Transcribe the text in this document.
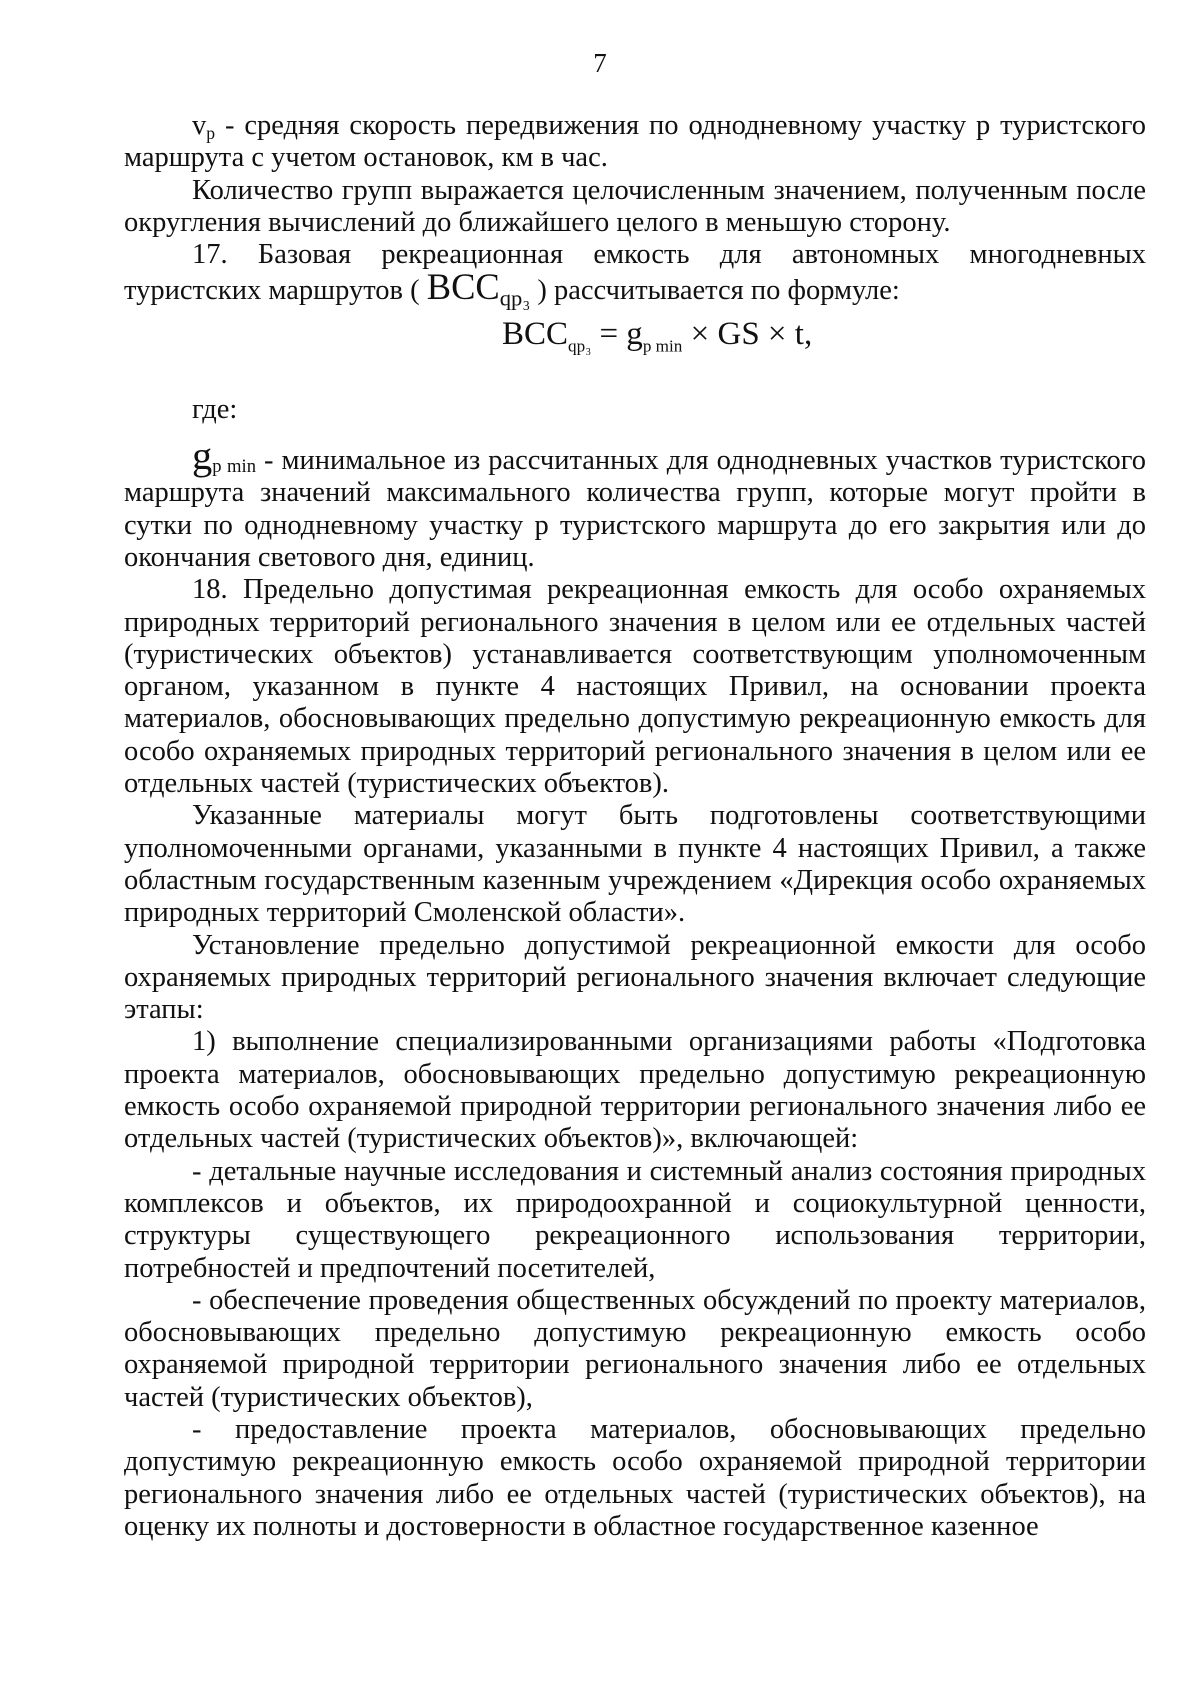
7

$v_p$ - средняя скорость передвижения по однодневному участку р туристского маршрута с учетом остановок, км в час.

Количество групп выражается целочисленным значением, полученным после округления вычислений до ближайшего целого в меньшую сторону.

17. Базовая рекреационная емкость для автономных многодневных туристских маршрутов ( $BCC_{qр_3}$ ) рассчитывается по формуле:

$BCC_{qр_3} = g_{p min}$ × GS × t,

где:

$g_{p min}$ - минимальное из рассчитанных для однодневных участков туристского маршрута значений максимального количества групп, которые могут пройти в сутки по однодневному участку р туристского маршрута до его закрытия или до окончания светового дня, единиц.

18. Предельно допустимая рекреационная емкость для особо охраняемых природных территорий регионального значения в целом или ее отдельных частей (туристических объектов) устанавливается соответствующим уполномоченным органом, указанном в пункте 4 настоящих Привил, на основании проекта материалов, обосновывающих предельно допустимую рекреационную емкость для особо охраняемых природных территорий регионального значения в целом или ее отдельных частей (туристических объектов).

Указанные материалы могут быть подготовлены соответствующими уполномоченными органами, указанными в пункте 4 настоящих Привил, а также областным государственным казенным учреждением «Дирекция особо охраняемых природных территорий Смоленской области».

Установление предельно допустимой рекреационной емкости для особо охраняемых природных территорий регионального значения включает следующие этапы:

1) выполнение специализированными организациями работы «Подготовка проекта материалов, обосновывающих предельно допустимую рекреационную емкость особо охраняемой природной территории регионального значения либо ее отдельных частей (туристических объектов)», включающей:

- детальные научные исследования и системный анализ состояния природных комплексов и объектов, их природоохранной и социокультурной ценности, структуры существующего рекреационного использования территории, потребностей и предпочтений посетителей,

- обеспечение проведения общественных обсуждений по проекту материалов, обосновывающих предельно допустимую рекреационную емкость особо охраняемой природной территории регионального значения либо ее отдельных частей (туристических объектов),

- предоставление проекта материалов, обосновывающих предельно допустимую рекреационную емкость особо охраняемой природной территории регионального значения либо ее отдельных частей (туристических объектов), на оценку их полноты и достоверности в областное государственное казенное
